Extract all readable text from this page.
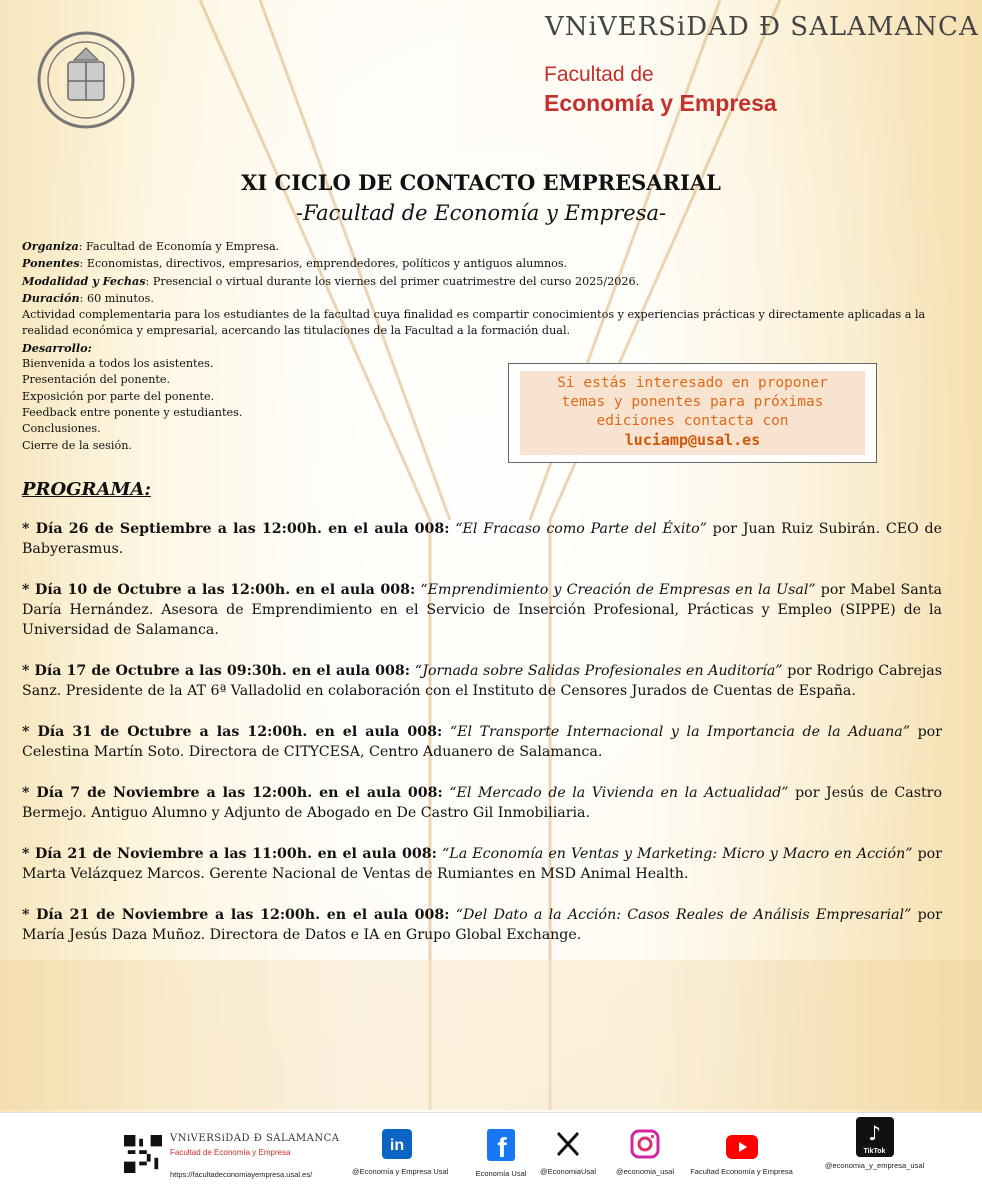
VNiVERSiDAD Ð SALAMANCA
Facultad de
Economía y Empresa
XI CICLO DE CONTACTO EMPRESARIAL
-Facultad de Economía y Empresa-
Organiza: Facultad de Economía y Empresa.
Ponentes: Economistas, directivos, empresarios, emprendedores, políticos y antiguos alumnos.
Modalidad y Fechas: Presencial o virtual durante los viernes del primer cuatrimestre del curso 2025/2026.
Duración: 60 minutos.
Actividad complementaria para los estudiantes de la facultad cuya finalidad es compartir conocimientos y experiencias prácticas y directamente aplicadas a la realidad económica y empresarial, acercando las titulaciones de la Facultad a la formación dual.
Desarrollo:
Bienvenida a todos los asistentes.
Presentación del ponente.
Exposición por parte del ponente.
Feedback entre ponente y estudiantes.
Conclusiones.
Cierre de la sesión.
Si estás interesado en proponer
temas y ponentes para próximas
ediciones contacta con
luciamp@usal.es
PROGRAMA:
* Día 26 de Septiembre a las 12:00h. en el aula 008: “El Fracaso como Parte del Éxito” por Juan Ruiz Subirán. CEO de Babyerasmus.
* Día 10 de Octubre a las 12:00h. en el aula 008: “Emprendimiento y Creación de Empresas en la Usal” por Mabel Santa Daría Hernández. Asesora de Emprendimiento en el Servicio de Inserción Profesional, Prácticas y Empleo (SIPPE) de la Universidad de Salamanca.
* Día 17 de Octubre a las 09:30h. en el aula 008: “Jornada sobre Salidas Profesionales en Auditoría” por Rodrigo Cabrejas Sanz. Presidente de la AT 6ª Valladolid en colaboración con el Instituto de Censores Jurados de Cuentas de España.
* Día 31 de Octubre a las 12:00h. en el aula 008: “El Transporte Internacional y la Importancia de la Aduana” por Celestina Martín Soto. Directora de CITYCESA, Centro Aduanero de Salamanca.
* Día 7 de Noviembre a las 12:00h. en el aula 008: “El Mercado de la Vivienda en la Actualidad” por Jesús de Castro Bermejo. Antiguo Alumno y Adjunto de Abogado en De Castro Gil Inmobiliaria.
* Día 21 de Noviembre a las 11:00h. en el aula 008: “La Economía en Ventas y Marketing: Micro y Macro en Acción” por Marta Velázquez Marcos. Gerente Nacional de Ventas de Rumiantes en MSD Animal Health.
* Día 21 de Noviembre a las 12:00h. en el aula 008: “Del Dato a la Acción: Casos Reales de Análisis Empresarial” por María Jesús Daza Muñoz. Directora de Datos e IA en Grupo Global Exchange.
VNiVERSiDAD Ð SALAMANCA
Facultad de Economía y Empresa
https://facultadeconomiayempresa.usal.es/
in
@Economía y Empresa Usal
f
Economía Usal	@EconomiaUsal	@economia_usal	Facultad Economía y Empresa
♪
TikTok
@economia_y_empresa_usal
